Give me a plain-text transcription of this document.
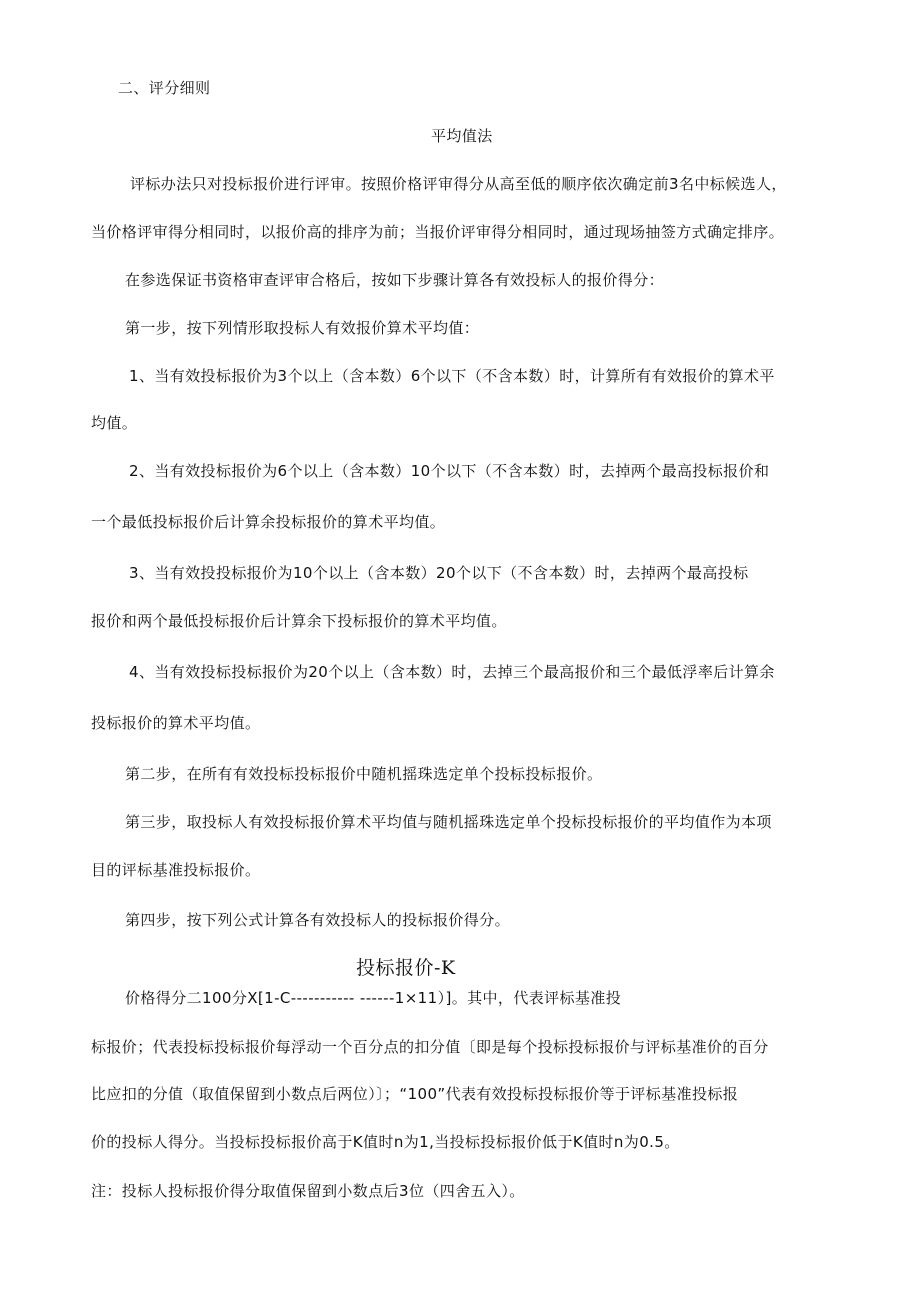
二、评分细则
平均值法
评标办法只对投标报价进行评审。按照价格评审得分从高至低的顺序依次确定前3名中标候选人，
当价格评审得分相同时，以报价高的排序为前；当报价评审得分相同时，通过现场抽签方式确定排序。
在参选保证书资格审查评审合格后，按如下步骤计算各有效投标人的报价得分：
第一步，按下列情形取投标人有效报价算术平均值：
1、当有效投标报价为3个以上（含本数）6个以下（不含本数）时，计算所有有效报价的算术平
均值。
2、当有效投标报价为6个以上（含本数）10个以下（不含本数）时，去掉两个最高投标报价和
一个最低投标报价后计算余投标报价的算术平均值。
3、当有效投投标报价为10个以上（含本数）20个以下（不含本数）时，去掉两个最高投标
报价和两个最低投标报价后计算余下投标报价的算术平均值。
4、当有效投标投标报价为20个以上（含本数）时，去掉三个最高报价和三个最低浮率后计算余
投标报价的算术平均值。
第二步，在所有有效投标投标报价中随机摇珠选定单个投标投标报价。
第三步，取投标人有效投标报价算术平均值与随机摇珠选定单个投标投标报价的平均值作为本项
目的评标基准投标报价。
第四步，按下列公式计算各有效投标人的投标报价得分。
投标报价-K
价格得分二100分X[1-C----------- ------1×11）]。其中，代表评标基准投
标报价；代表投标投标报价每浮动一个百分点的扣分值〔即是每个投标投标报价与评标基准价的百分
比应扣的分值（取值保留到小数点后两位）〕；“100”代表有效投标投标报价等于评标基准投标报
价的投标人得分。当投标投标报价高于K值时n为1,当投标投标报价低于K值时n为0.5。
注：投标人投标报价得分取值保留到小数点后3位（四舍五入）。
